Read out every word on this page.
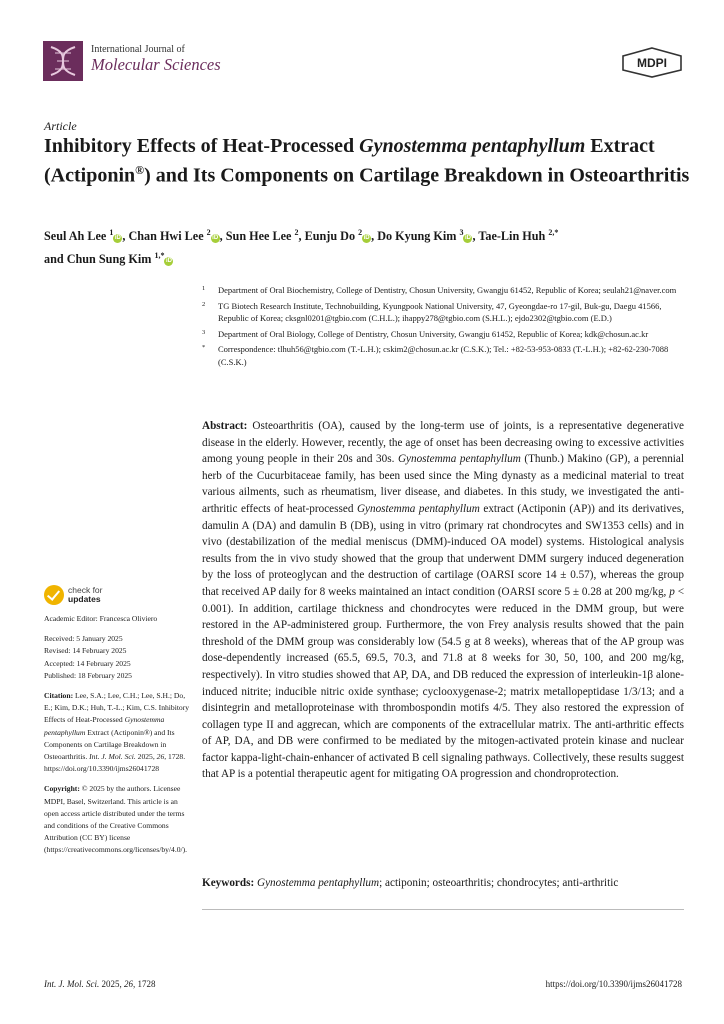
International Journal of
Molecular Sciences	MDPI
Article
Inhibitory Effects of Heat-Processed Gynostemma pentaphyllum Extract (Actiponin®) and Its Components on Cartilage Breakdown in Osteoarthritis
Seul Ah Lee $^1$iD , Chan Hwi Lee $^2$iD , Sun Hee Lee $^2$, Eunju Do $^2$iD , Do Kyung Kim $^3$iD , Tae-Lin Huh $^{2,*}$
and Chun Sung Kim $^{1,*}$iD
1 Department of Oral Biochemistry, College of Dentistry, Chosun University, Gwangju 61452, Republic of Korea; seulah21@naver.com
2 TG Biotech Research Institute, Technobuilding, Kyungpook National University, 47, Gyeongdae-ro 17-gil, Buk-gu, Daegu 41566, Republic of Korea; cksgnl0201@tgbio.com (C.H.L.); ihappy278@tgbio.com (S.H.L.); ejdo2302@tgbio.com (E.D.)
3 Department of Oral Biology, College of Dentistry, Chosun University, Gwangju 61452, Republic of Korea; kdk@chosun.ac.kr
* Correspondence: tlhuh56@tgbio.com (T.-L.H.); cskim2@chosun.ac.kr (C.S.K.); Tel.: +82-53-953-0833 (T.-L.H.); +82-62-230-7088 (C.S.K.)
check for
updates

Academic Editor: Francesca Oliviero

Received: 5 January 2025

Revised: 14 February 2025

Accepted: 14 February 2025

Published: 18 February 2025

Citation: Lee, S.A.; Lee, C.H.; Lee, S.H.; Do, E.; Kim, D.K.; Huh, T.-L.; Kim, C.S. Inhibitory Effects of Heat-Processed Gynostemma pentaphyllum Extract (Actiponin®) and Its Components on Cartilage Breakdown in Osteoarthritis. Int. J. Mol. Sci. 2025, 26, 1728. https://doi.org/10.3390/ijms26041728

Copyright: © 2025 by the authors. Licensee MDPI, Basel, Switzerland. This article is an open access article distributed under the terms and conditions of the Creative Commons Attribution (CC BY) license (https://creativecommons.org/licenses/by/4.0/).

Abstract: Osteoarthritis (OA), caused by the long-term use of joints, is a representative degenerative disease in the elderly. However, recently, the age of onset has been decreasing owing to excessive activities among young people in their 20s and 30s. Gynostemma pentaphyllum (Thunb.) Makino (GP), a perennial herb of the Cucurbitaceae family, has been used since the Ming dynasty as a medicinal material to treat various ailments, such as rheumatism, liver disease, and diabetes. In this study, we investigated the anti-arthritic effects of heat-processed Gynostemma pentaphyllum extract (Actiponin (AP)) and its derivatives, damulin A (DA) and damulin B (DB), using in vitro (primary rat chondrocytes and SW1353 cells) and in vivo (destabilization of the medial meniscus (DMM)-induced OA model) systems. Histological analysis results from the in vivo study showed that the group that underwent DMM surgery induced degeneration by the loss of proteoglycan and the destruction of cartilage (OARSI score 14 ± 0.57), whereas the group that received AP daily for 8 weeks maintained an intact condition (OARSI score 5 ± 0.28 at 200 mg/kg, p < 0.001). In addition, cartilage thickness and chondrocytes were reduced in the DMM group, but were restored in the AP-administered group. Furthermore, the von Frey analysis results showed that the pain threshold of the DMM group was considerably low (54.5 g at 8 weeks), whereas that of the AP group was dose-dependently increased (65.5, 69.5, 70.3, and 71.8 at 8 weeks for 30, 50, 100, and 200 mg/kg, respectively). In vitro studies showed that AP, DA, and DB reduced the expression of interleukin-1β alone-induced nitrite; inducible nitric oxide synthase; cyclooxygenase-2; matrix metallopeptidase 1/3/13; and a disintegrin and metalloproteinase with thrombospondin motifs 4/5. They also restored the expression of collagen type II and aggrecan, which are components of the extracellular matrix. The anti-arthritic effects of AP, DA, and DB were confirmed to be mediated by the mitogen-activated protein kinase and nuclear factor kappa-light-chain-enhancer of activated B cell signaling pathways. Collectively, these results suggest that AP is a potential therapeutic agent for mitigating OA progression and chondroprotection.

Keywords: Gynostemma pentaphyllum; actiponin; osteoarthritis; chondrocytes; anti-arthritic
Int. J. Mol. Sci. 2025, 26, 1728	https://doi.org/10.3390/ijms26041728
